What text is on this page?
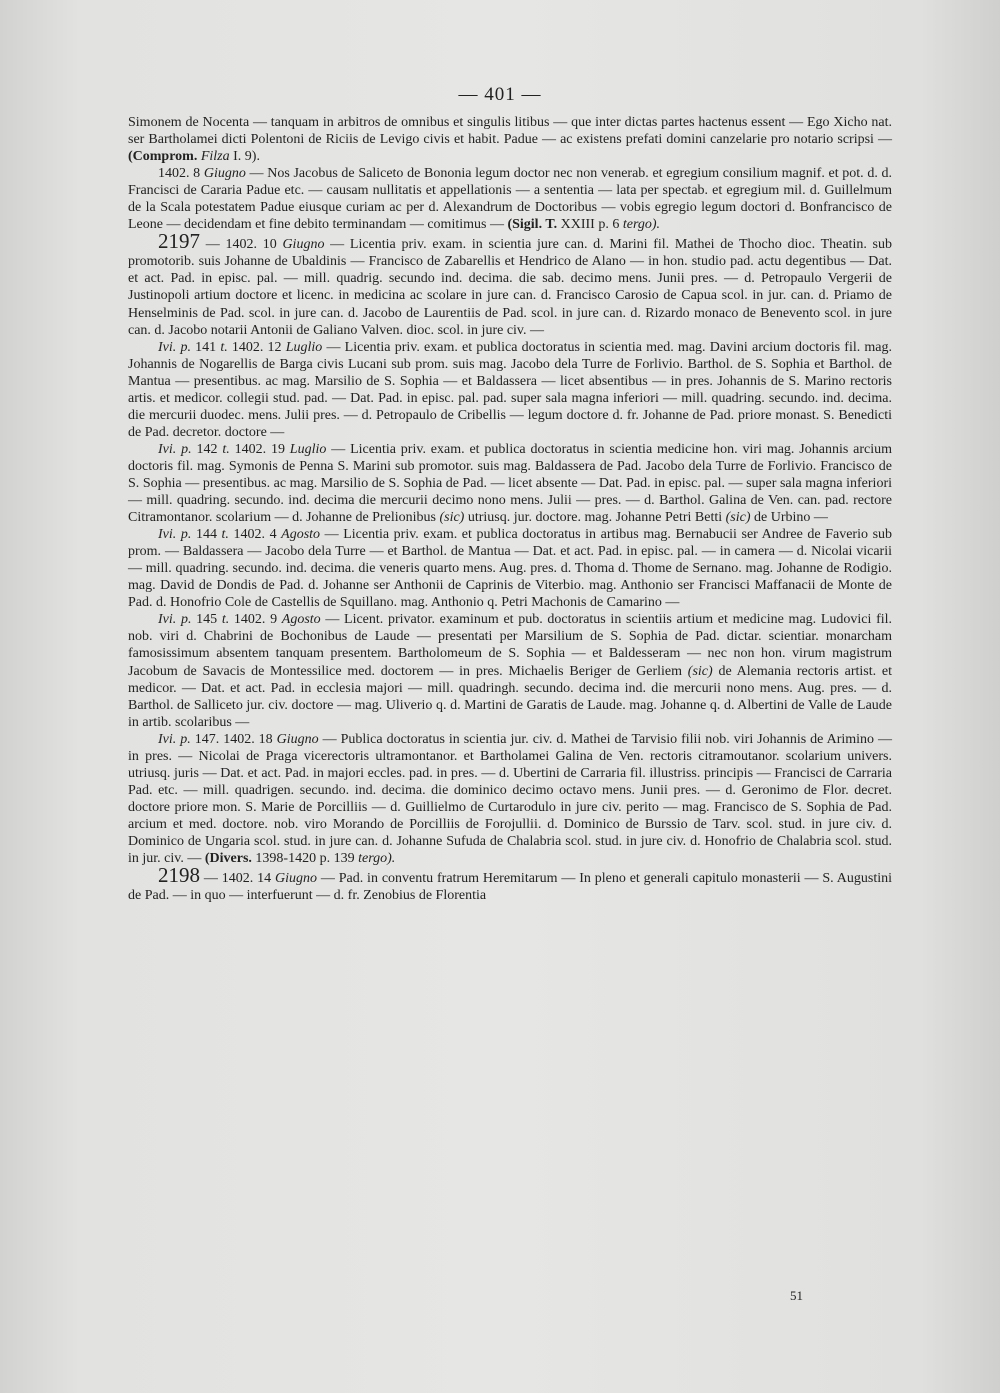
— 401 —

Simonem de Nocenta — tanquam in arbitros de omnibus et singulis litibus — que inter dictas partes hactenus essent — Ego Xicho nat. ser Bartholamei dicti Polentoni de Riciis de Levigo civis et habit. Padue — ac existens prefati domini canzelarie pro notario scripsi — (Comprom. Filza I. 9).

1402. 8 Giugno — Nos Jacobus de Saliceto de Bononia legum doctor nec non venerab. et egregium consilium magnif. et pot. d. d. Francisci de Cararia Padue etc. — causam nullitatis et appellationis — a sententia — lata per spectab. et egregium mil. d. Guillelmum de la Scala potestatem Padue eiusque curiam ac per d. Alexandrum de Doctoribus — vobis egregio legum doctori d. Bonfrancisco de Leone — decidendam et fine debito terminandam — comitimus — (Sigil. T. XXIII p. 6 tergo).

2197 — 1402. 10 Giugno — Licentia priv. exam. in scientia jure can. d. Marini fil. Mathei de Thocho dioc. Theatin. sub promotorib. suis Johanne de Ubaldinis — Francisco de Zabarellis et Hendrico de Alano — in hon. studio pad. actu degentibus — Dat. et act. Pad. in episc. pal. — mill. quadrig. secundo ind. decima. die sab. decimo mens. Junii pres. — d. Petropaulo Vergerii de Justinopoli artium doctore et licenc. in medicina ac scolare in jure can. d. Francisco Carosio de Capua scol. in jur. can. d. Priamo de Henselminis de Pad. scol. in jure can. d. Jacobo de Laurentiis de Pad. scol. in jure can. d. Rizardo monaco de Benevento scol. in jure can. d. Jacobo notarii Antonii de Galiano Valven. dioc. scol. in jure civ. —

Ivi. p. 141 t. 1402. 12 Luglio — Licentia priv. exam. et publica doctoratus in scientia med. mag. Davini arcium doctoris fil. mag. Johannis de Nogarellis de Barga civis Lucani sub prom. suis mag. Jacobo dela Turre de Forlivio. Barthol. de S. Sophia et Barthol. de Mantua — presentibus. ac mag. Marsilio de S. Sophia — et Baldassera — licet absentibus — in pres. Johannis de S. Marino rectoris artis. et medicor. collegii stud. pad. — Dat. Pad. in episc. pal. pad. super sala magna inferiori — mill. quadring. secundo. ind. decima. die mercurii duodec. mens. Julii pres. — d. Petropaulo de Cribellis — legum doctore d. fr. Johanne de Pad. priore monast. S. Benedicti de Pad. decretor. doctore —

Ivi. p. 142 t. 1402. 19 Luglio — Licentia priv. exam. et publica doctoratus in scientia medicine hon. viri mag. Johannis arcium doctoris fil. mag. Symonis de Penna S. Marini sub promotor. suis mag. Baldassera de Pad. Jacobo dela Turre de Forlivio. Francisco de S. Sophia — presentibus. ac mag. Marsilio de S. Sophia de Pad. — licet absente — Dat. Pad. in episc. pal. — super sala magna inferiori — mill. quadring. secundo. ind. decima die mercurii decimo nono mens. Julii — pres. — d. Barthol. Galina de Ven. can. pad. rectore Citramontanor. scolarium — d. Johanne de Prelionibus (sic) utriusq. jur. doctore. mag. Johanne Petri Betti (sic) de Urbino —

Ivi. p. 144 t. 1402. 4 Agosto — Licentia priv. exam. et publica doctoratus in artibus mag. Bernabucii ser Andree de Faverio sub prom. — Baldassera — Jacobo dela Turre — et Barthol. de Mantua — Dat. et act. Pad. in episc. pal. — in camera — d. Nicolai vicarii — mill. quadring. secundo. ind. decima. die veneris quarto mens. Aug. pres. d. Thoma d. Thome de Sernano. mag. Johanne de Rodigio. mag. David de Dondis de Pad. d. Johanne ser Anthonii de Caprinis de Viterbio. mag. Anthonio ser Francisci Maffanacii de Monte de Pad. d. Honofrio Cole de Castellis de Squillano. mag. Anthonio q. Petri Machonis de Camarino —

Ivi. p. 145 t. 1402. 9 Agosto — Licent. privator. examinum et pub. doctoratus in scientiis artium et medicine mag. Ludovici fil. nob. viri d. Chabrini de Bochonibus de Laude — presentati per Marsilium de S. Sophia de Pad. dictar. scientiar. monarcham famosissimum absentem tanquam presentem. Bartholomeum de S. Sophia — et Baldesseram — nec non hon. virum magistrum Jacobum de Savacis de Montessilice med. doctorem — in pres. Michaelis Beriger de Gerliem (sic) de Alemania rectoris artist. et medicor. — Dat. et act. Pad. in ecclesia majori — mill. quadringh. secundo. decima ind. die mercurii nono mens. Aug. pres. — d. Barthol. de Salliceto jur. civ. doctore — mag. Uliverio q. d. Martini de Garatis de Laude. mag. Johanne q. d. Albertini de Valle de Laude in artib. scolaribus —

Ivi. p. 147. 1402. 18 Giugno — Publica doctoratus in scientia jur. civ. d. Mathei de Tarvisio filii nob. viri Johannis de Arimino — in pres. — Nicolai de Praga vicerectoris ultramontanor. et Bartholamei Galina de Ven. rectoris citramoutanor. scolarium univers. utriusq. juris — Dat. et act. Pad. in majori eccles. pad. in pres. — d. Ubertini de Carraria fil. illustriss. principis — Francisci de Carraria Pad. etc. — mill. quadrigen. secundo. ind. decima. die dominico decimo octavo mens. Junii pres. — d. Geronimo de Flor. decret. doctore priore mon. S. Marie de Porcilliis — d. Guillielmo de Curtarodulo in jure civ. perito — mag. Francisco de S. Sophia de Pad. arcium et med. doctore. nob. viro Morando de Porcilliis de Forojullii. d. Dominico de Burssio de Tarv. scol. stud. in jure civ. d. Dominico de Ungaria scol. stud. in jure can. d. Johanne Sufuda de Chalabria scol. stud. in jure civ. d. Honofrio de Chalabria scol. stud. in jur. civ. — (Divers. 1398-1420 p. 139 tergo).

2198 — 1402. 14 Giugno — Pad. in conventu fratrum Heremitarum — In pleno et generali capitulo monasterii — S. Augustini de Pad. — in quo — interfuerunt — d. fr. Zenobius de Florentia

51
